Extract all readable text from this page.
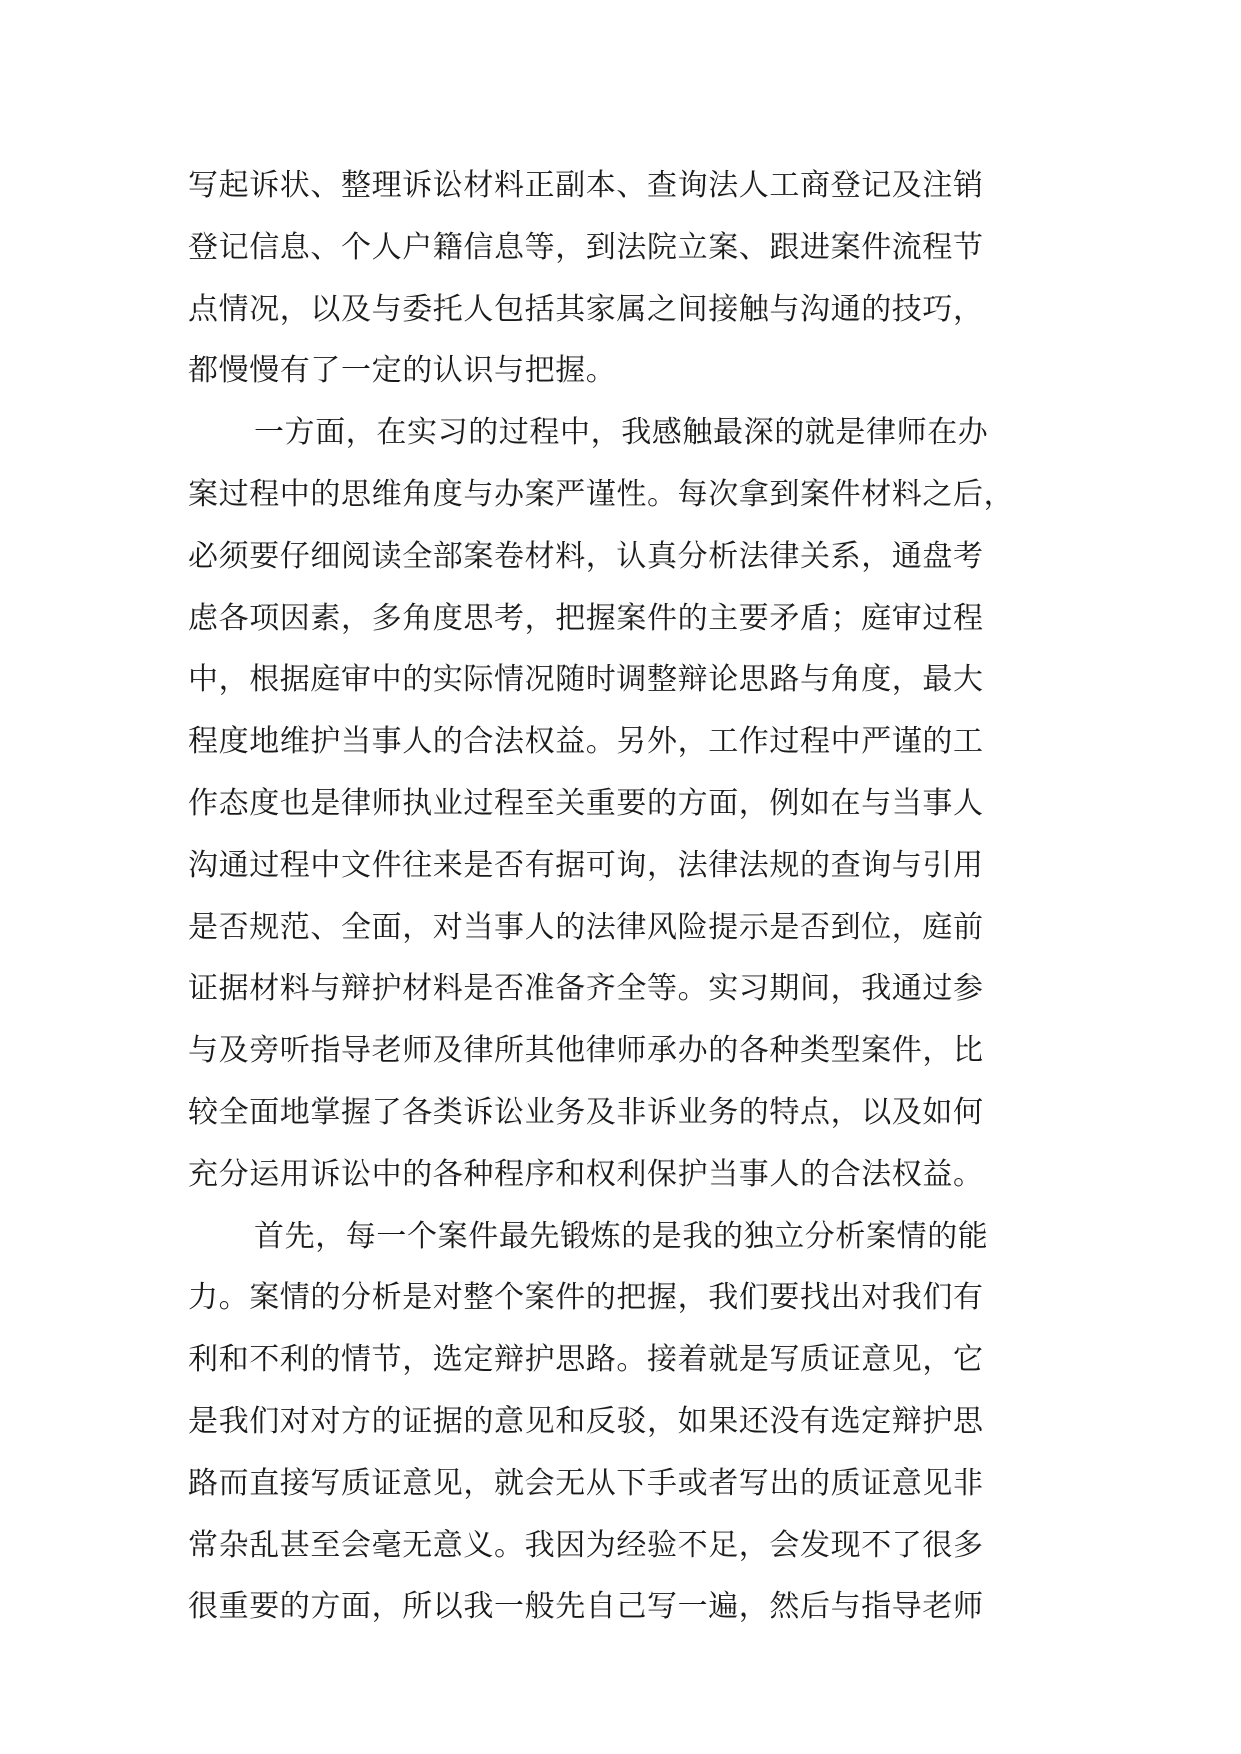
写起诉状、整理诉讼材料正副本、查询法人工商登记及注销
登记信息、个人户籍信息等，到法院立案、跟进案件流程节
点情况，以及与委托人包括其家属之间接触与沟通的技巧，
都慢慢有了一定的认识与把握。
一方面，在实习的过程中，我感触最深的就是律师在办
案过程中的思维角度与办案严谨性。每次拿到案件材料之后，
必须要仔细阅读全部案卷材料，认真分析法律关系，通盘考
虑各项因素，多角度思考，把握案件的主要矛盾；庭审过程
中，根据庭审中的实际情况随时调整辩论思路与角度，最大
程度地维护当事人的合法权益。另外，工作过程中严谨的工
作态度也是律师执业过程至关重要的方面，例如在与当事人
沟通过程中文件往来是否有据可询，法律法规的查询与引用
是否规范、全面，对当事人的法律风险提示是否到位，庭前
证据材料与辩护材料是否准备齐全等。实习期间，我通过参
与及旁听指导老师及律所其他律师承办的各种类型案件，比
较全面地掌握了各类诉讼业务及非诉业务的特点，以及如何
充分运用诉讼中的各种程序和权利保护当事人的合法权益。
首先，每一个案件最先锻炼的是我的独立分析案情的能
力。案情的分析是对整个案件的把握，我们要找出对我们有
利和不利的情节，选定辩护思路。接着就是写质证意见，它
是我们对对方的证据的意见和反驳，如果还没有选定辩护思
路而直接写质证意见，就会无从下手或者写出的质证意见非
常杂乱甚至会毫无意义。我因为经验不足，会发现不了很多
很重要的方面，所以我一般先自己写一遍，然后与指导老师
